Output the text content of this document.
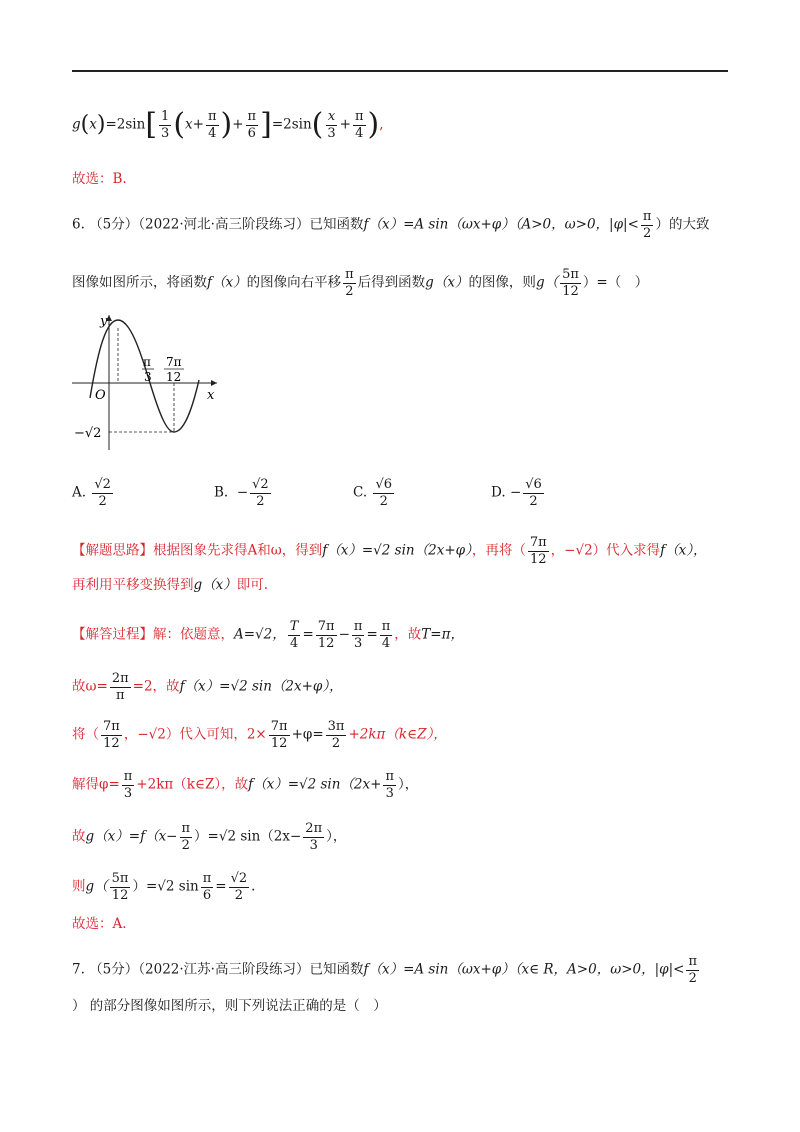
$g(x)=2\sin[ \frac{1}{3} (x+ \frac{\pi}{4}$ )+ $\frac{\pi}{6} ]=2\sin( \frac{x}{3} + \frac{\pi}{4}$ ),
故选：B.
6. （5分）（2022·河北·高三阶段练习）已知函数f（x）=A sin（ωx+φ）（A>0，ω>0，$|\varphi|< \frac{\pi}{2}$ ）的大致
图像如图所示，将函数f（x）的图像向右平移 $\frac{\pi}{2}$ 后得到函数g（x）的图像，则$g( \frac{5\pi}{12}$ ）=（　）
y
x
O
π
3
7π
12
−√2
A. $\frac{√2}{2}$	B. − $\frac{√2}{2}$	C. $\frac{√6}{2}$	D. − $\frac{√6}{2}$
【解题思路】根据图象先求得A和ω，得到f（x）=√2 sin（2x+φ），再将（ $\frac{7\pi}{12}$ ，−√2）代入求得f（x），
再利用平移变换得到g（x）即可.
【解答过程】解：依题意，A=√2， $\frac{T}{4} = \frac{7\pi}{12} - \frac{\pi}{3} = \frac{\pi}{4}$ ，故T=π，
故$\omega= \frac{2\pi}{\pi} =2$，故f（x）=√2 sin（2x+φ），
将（ $\frac{7\pi}{12}$ ，−√2）代入可知，$2\times \frac{7\pi}{12} +\varphi= \frac{3\pi}{2}$ +2kπ（k∈Z），
解得$\varphi= \frac{\pi}{3}$ +2kπ（k∈Z），故f（x）=√2 $\sin(2x+ \frac{\pi}{3}$ ），
故$g(x)=f(x- \frac{\pi}{2} )=√2$ $\sin(2x- \frac{2\pi}{3}$ ），
则$g( \frac{5\pi}{12} )=√2$ $\sin \frac{\pi}{6} = \frac{√2}{2}$ .
故选：A.
7. （5分）（2022·江苏·高三阶段练习）已知函数f（x）=A sin（ωx+φ）（x∈ R，A>0，ω>0，$|\varphi|< \frac{\pi}{2}$
） 的部分图像如图所示，则下列说法正确的是（　）
